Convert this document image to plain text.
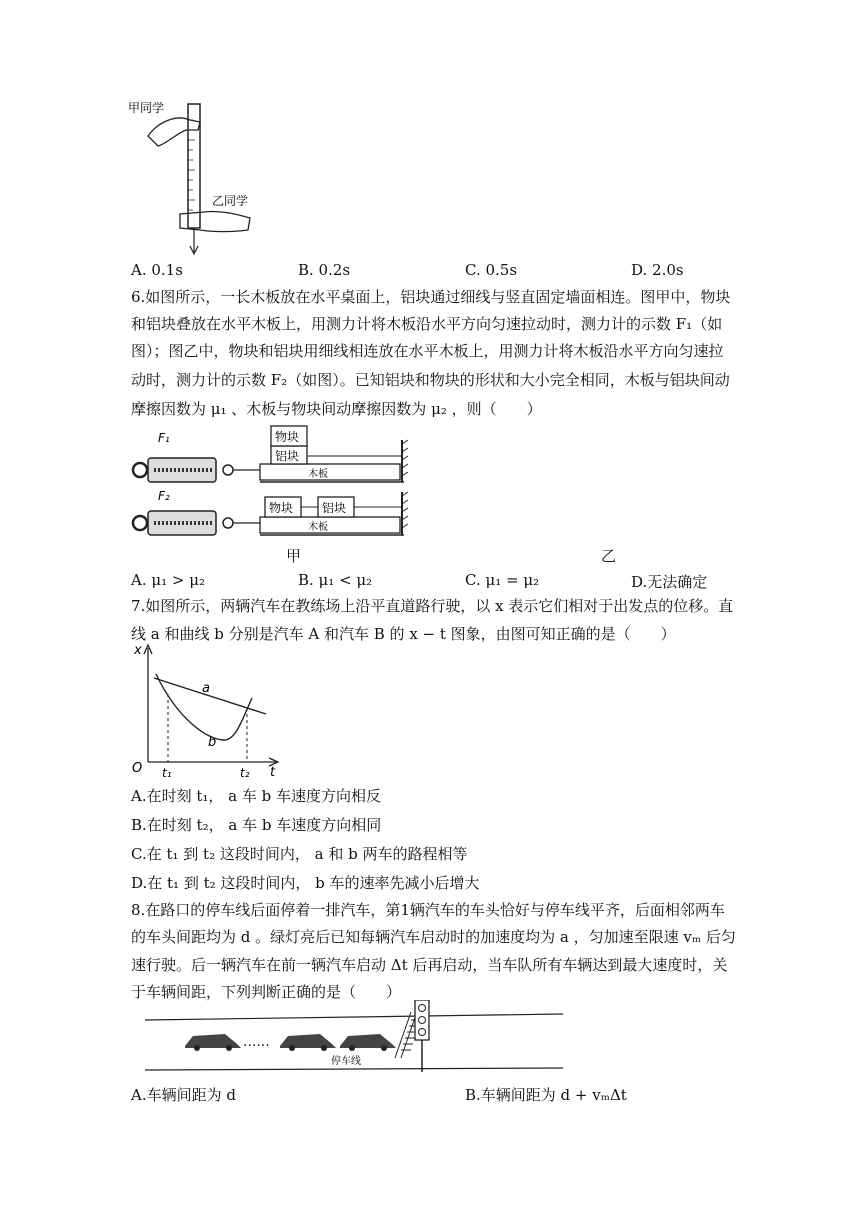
甲同学
乙同学
A. 0.1s	B. 0.2s	C. 0.5s	D. 2.0s
6.如图所示，一长木板放在水平桌面上，铝块通过细线与竖直固定墙面相连。图甲中，物块
和铝块叠放在水平木板上，用测力计将木板沿水平方向匀速拉动时，测力计的示数 F₁（如
图）；图乙中，物块和铝块用细线相连放在水平木板上，用测力计将木板沿水平方向匀速拉
动时，测力计的示数 F₂（如图）。已知铝块和物块的形状和大小完全相同，木板与铝块间动
摩擦因数为 μ₁ 、木板与物块间动摩擦因数为 μ₂ ，则（　　）
F₁
木板
铝块
物块
F₂
木板
物块 铝块
甲	乙
A. μ₁ > μ₂	B. μ₁ < μ₂	C. μ₁ = μ₂	D.无法确定
7.如图所示，两辆汽车在教练场上沿平直道路行驶，以 x 表示它们相对于出发点的位移。直
线 a 和曲线 b 分别是汽车 A 和汽车 B 的 x − t 图象，由图可知正确的是（　　）
x
t
O
a
b
t₁	t₂
A.在时刻 t₁， a 车 b 车速度方向相反
B.在时刻 t₂， a 车 b 车速度方向相同
C.在 t₁ 到 t₂ 这段时间内， a 和 b 两车的路程相等
D.在 t₁ 到 t₂ 这段时间内， b 车的速率先减小后增大
8.在路口的停车线后面停着一排汽车，第1辆汽车的车头恰好与停车线平齐，后面相邻两车
的车头间距均为 d 。绿灯亮后已知每辆汽车启动时的加速度均为 a ，匀加速至限速 vₘ 后匀
速行驶。后一辆汽车在前一辆汽车启动 Δt 后再启动，当车队所有车辆达到最大速度时，关
于车辆间距，下列判断正确的是（　　）
......
停车线
A.车辆间距为 d	B.车辆间距为 d + vₘΔt
